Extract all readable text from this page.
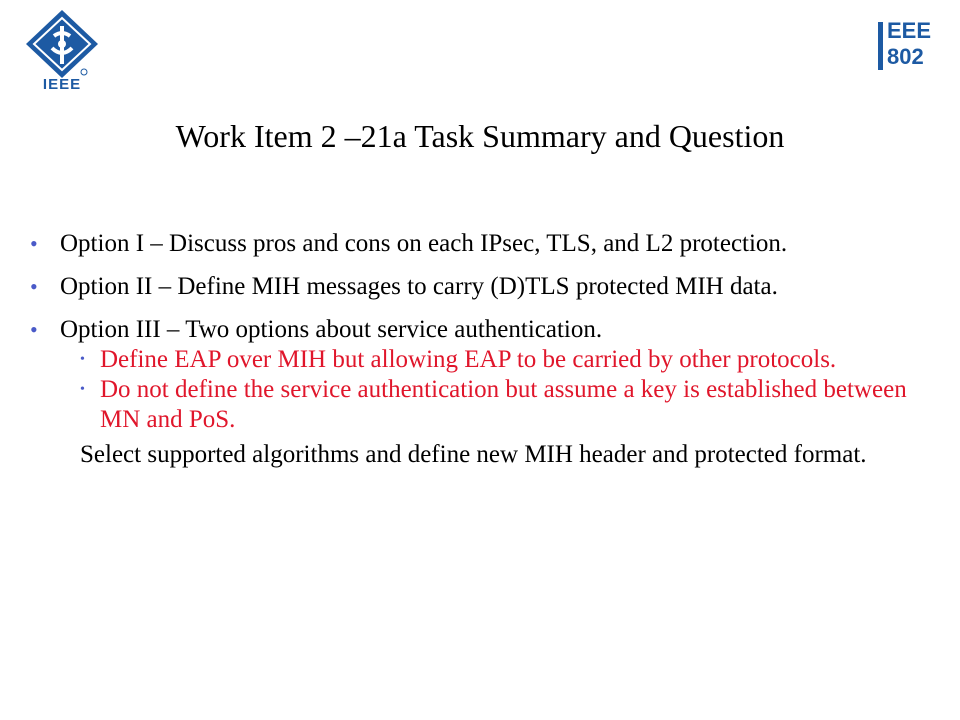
IEEE
EEE
802
Work Item 2 –21a Task Summary and Question
• Option I – Discuss pros and cons on each IPsec, TLS, and L2 protection.
• Option II – Define MIH messages to carry (D)TLS protected MIH data.
• Option III – Two options about service authentication.
• Define EAP over MIH but allowing EAP to be carried by other protocols.
• Do not define the service authentication but assume a key is established between MN and PoS.
Select supported algorithms and define new MIH header and protected format.
